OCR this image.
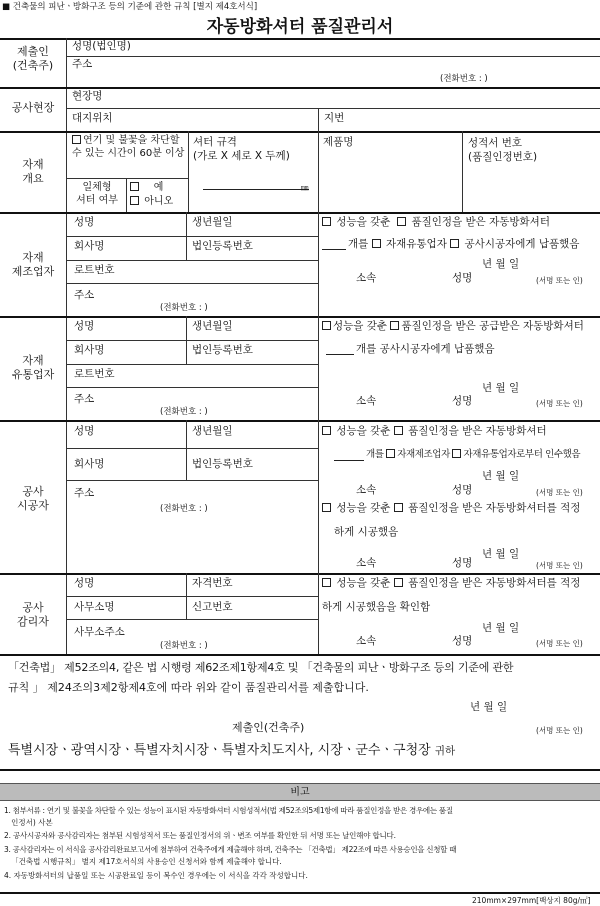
■ 건축물의 피난ㆍ방화구조 등의 기준에 관한 규칙 [별지 제4호서식]
자동방화셔터 품질관리서
제출인
(건축주)
성명(법인명)
주소
(전화번호 : )
공사현장
현장명
대지위치	지번
자재
개요
연기 및 불꽃을 차단할 수 있는 시간이 60분 이상
일체형
셔터 여부
예
아니오
셔터 규격
(가로 X 세로 X 두께)
㎜
제품명	성적서 번호
(품질인정번호)
자재
제조업자
성명	생년월일
회사명	법인등록번호
로트번호
주소
(전화번호 : )
성능을 갖춘 품질인정을 받은 자동방화셔터
개를 자재유통업자 공사시공자에게 납품했음
년 월 일
소속	성명	(서명 또는 인)
자재
유통업자
성명	생년월일
회사명	법인등록번호
로트번호
주소
(전화번호 : )
성능을 갖춘 품질인정을 받은 공급받은 자동방화셔터
개를 공사시공자에게 납품했음
년 월 일
소속	성명	(서명 또는 인)
공사
시공자
성명	생년월일
회사명	법인등록번호
주소
(전화번호 : )
성능을 갖춘 품질인정을 받은 자동방화셔터
개를 자재제조업자 자재유통업자로부터 인수했음
년 월 일
소속	성명	(서명 또는 인)
성능을 갖춘 품질인정을 받은 자동방화셔터를 적정
하게 시공했음
년 월 일
소속	성명	(서명 또는 인)
공사
감리자
성명	자격번호
사무소명	신고번호
사무소주소
(전화번호 : )
성능을 갖춘 품질인정을 받은 자동방화셔터를 적정
하게 시공했음을 확인함
년 월 일
소속	성명	(서명 또는 인)
「건축법」 제52조의4, 같은 법 시행령 제62조제1항제4호 및 「건축물의 피난ㆍ방화구조 등의 기준에 관한
규칙 」 제24조의3제2항제4호에 따라 위와 같이 품질관리서를 제출합니다.
년 월 일
제출인(건축주)	(서명 또는 인)
특별시장ㆍ광역시장ㆍ특별자치시장ㆍ특별자치도지사, 시장ㆍ군수ㆍ구청장 귀하
비고
1. 첨부서류 : 연기 및 불꽃을 차단할 수 있는 성능이 표시된 자동방화셔터 시험성적서(법 제52조의5제1항에 따라 품질인정을 받은 경우에는 품질
인정서) 사본
2. 공사시공자와 공사감리자는 첨부된 시험성적서 또는 품질인정서의 위ㆍ변조 여부를 확인한 뒤 서명 또는 날인해야 합니다.
3. 공사감리자는 이 서식을 공사감리완료보고서에 첨부하여 건축주에게 제출해야 하며, 건축주는 「건축법」 제22조에 따른 사용승인을 신청할 때
「건축법 시행규칙」 별지 제17호서식의 사용승인 신청서와 함께 제출해야 합니다.
4. 자동방화셔터의 납품일 또는 시공완료일 등이 복수인 경우에는 이 서식을 각각 작성합니다.
210mm×297mm[백상지 80g/㎡]
